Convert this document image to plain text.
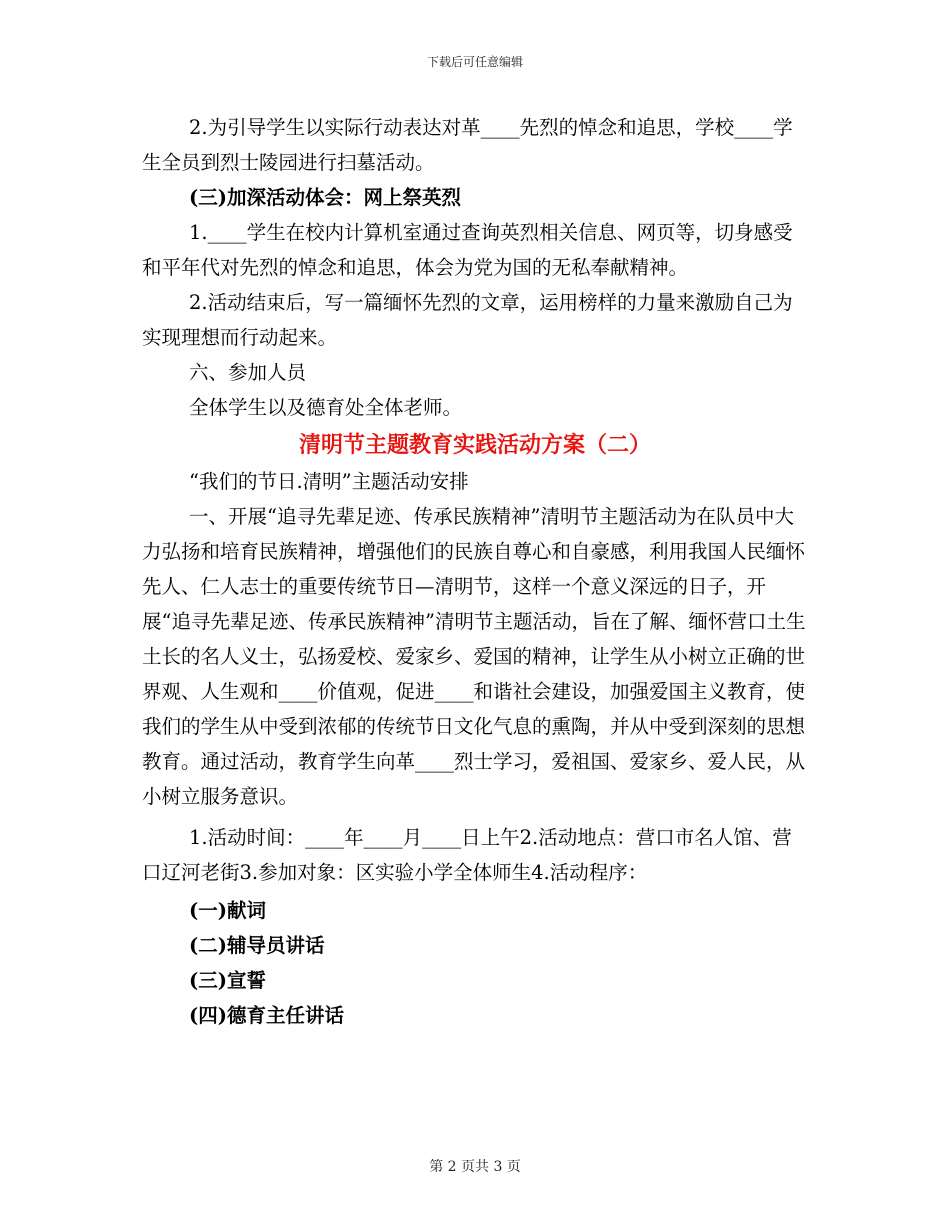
下载后可任意编辑

2.为引导学生以实际行动表达对革____先烈的悼念和追思，学校____学生全员到烈士陵园进行扫墓活动。

(三)加深活动体会：网上祭英烈

1.____学生在校内计算机室通过查询英烈相关信息、网页等，切身感受和平年代对先烈的悼念和追思，体会为党为国的无私奉献精神。

2.活动结束后，写一篇缅怀先烈的文章，运用榜样的力量来激励自己为实现理想而行动起来。

六、参加人员

全体学生以及德育处全体老师。

清明节主题教育实践活动方案（二）

“我们的节日.清明”主题活动安排

一、开展“追寻先辈足迹、传承民族精神”清明节主题活动为在队员中大力弘扬和培育民族精神，增强他们的民族自尊心和自豪感，利用我国人民缅怀先人、仁人志士的重要传统节日—清明节，这样一个意义深远的日子，开展“追寻先辈足迹、传承民族精神”清明节主题活动，旨在了解、缅怀营口土生土长的名人义士，弘扬爱校、爱家乡、爱国的精神，让学生从小树立正确的世界观、人生观和____价值观，促进____和谐社会建设，加强爱国主义教育，使我们的学生从中受到浓郁的传统节日文化气息的熏陶，并从中受到深刻的思想教育。通过活动，教育学生向革____烈士学习，爱祖国、爱家乡、爱人民，从小树立服务意识。

1.活动时间：____年____月____日上午2.活动地点：营口市名人馆、营口辽河老街3.参加对象：区实验小学全体师生4.活动程序：

(一)献词

(二)辅导员讲话

(三)宣誓

(四)德育主任讲话

第 2 页共 3 页
